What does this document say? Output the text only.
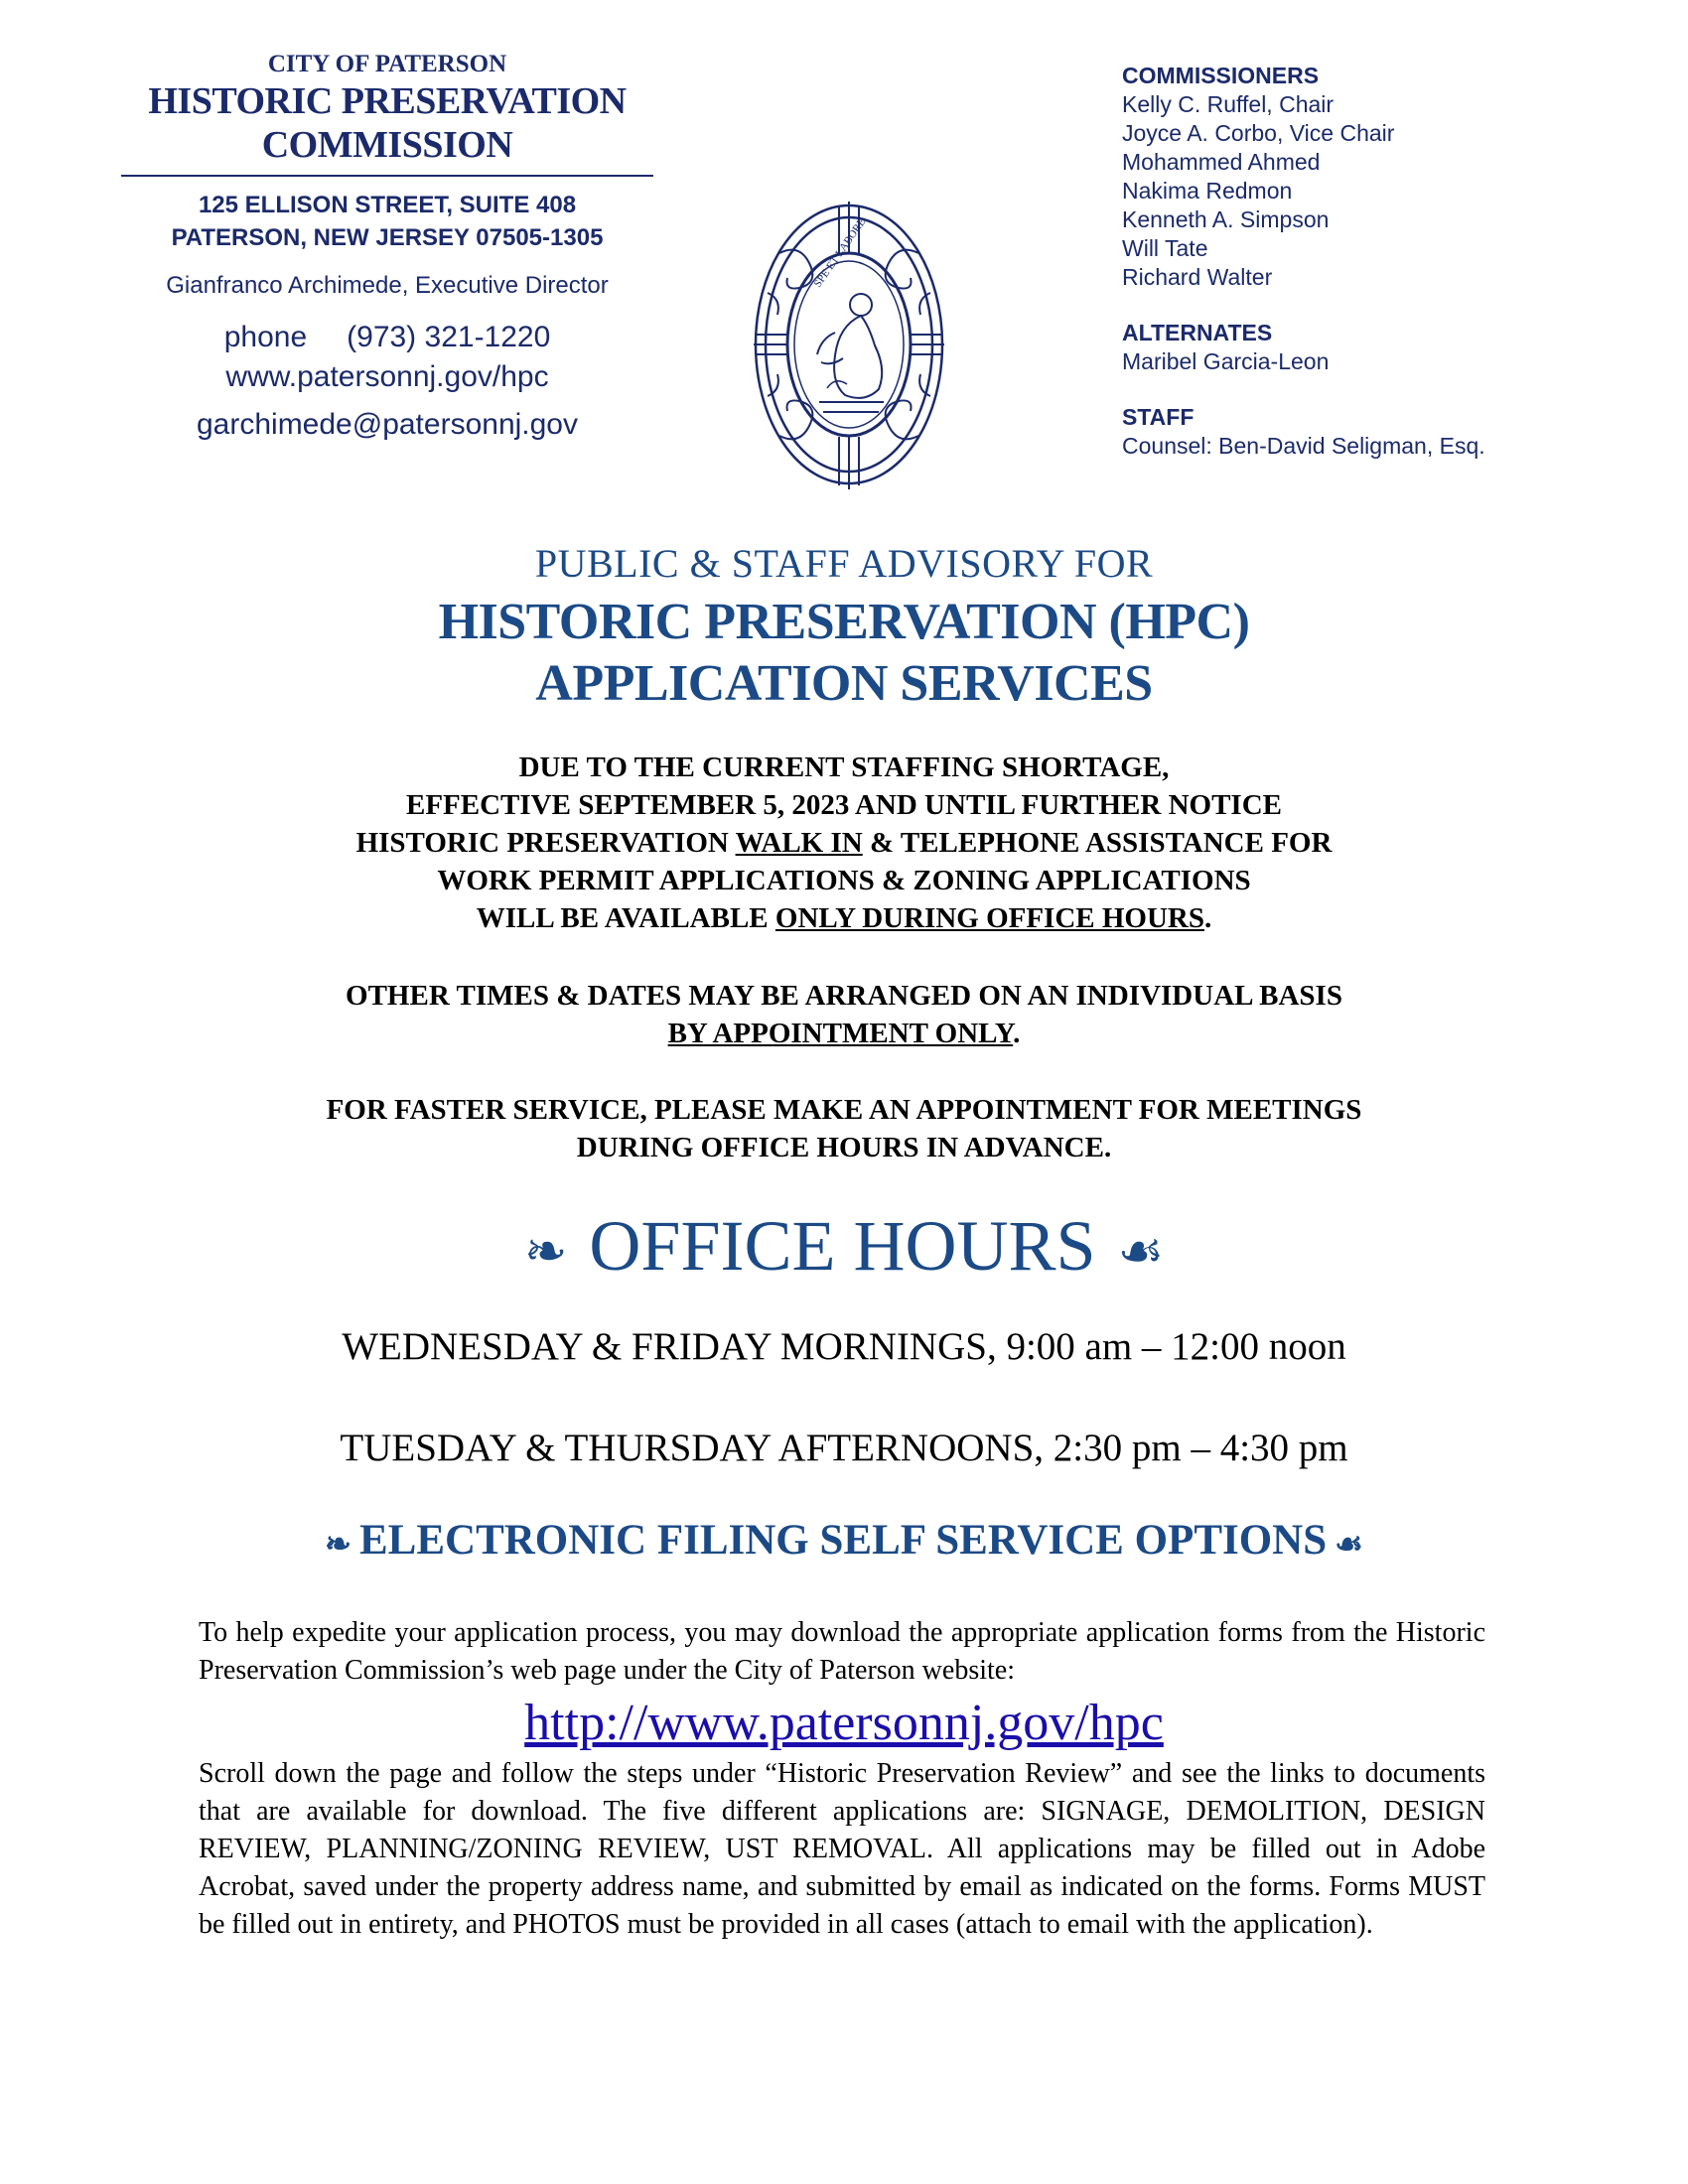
CITY OF PATERSON
HISTORIC PRESERVATION
COMMISSION
125 ELLISON STREET, SUITE 408
PATERSON, NEW JERSEY 07505-1305
Gianfranco Archimede, Executive Director
phone (973) 321-1220
www.patersonnj.gov/hpc
garchimede@patersonnj.gov
SPE ET LABORE
COMMISSIONERS
Kelly C. Ruffel, Chair
Joyce A. Corbo, Vice Chair
Mohammed Ahmed
Nakima Redmon
Kenneth A. Simpson
Will Tate
Richard Walter
ALTERNATES
Maribel Garcia-Leon
STAFF
Counsel: Ben-David Seligman, Esq.
PUBLIC & STAFF ADVISORY FOR
HISTORIC PRESERVATION (HPC)
APPLICATION SERVICES
DUE TO THE CURRENT STAFFING SHORTAGE,
EFFECTIVE SEPTEMBER 5, 2023 AND UNTIL FURTHER NOTICE
HISTORIC PRESERVATION WALK IN & TELEPHONE ASSISTANCE FOR
WORK PERMIT APPLICATIONS & ZONING APPLICATIONS
WILL BE AVAILABLE ONLY DURING OFFICE HOURS.
OTHER TIMES & DATES MAY BE ARRANGED ON AN INDIVIDUAL BASIS
BY APPOINTMENT ONLY.
FOR FASTER SERVICE, PLEASE MAKE AN APPOINTMENT FOR MEETINGS
DURING OFFICE HOURS IN ADVANCE.
❧ OFFICE HOURS ☙
WEDNESDAY & FRIDAY MORNINGS, 9:00 am – 12:00 noon
TUESDAY & THURSDAY AFTERNOONS, 2:30 pm – 4:30 pm
❧ ELECTRONIC FILING SELF SERVICE OPTIONS ☙
To help expedite your application process, you may download the appropriate application forms from the Historic Preservation Commission’s web page under the City of Paterson website:
http://www.patersonnj.gov/hpc
Scroll down the page and follow the steps under “Historic Preservation Review” and see the links to documents that are available for download. The five different applications are: SIGNAGE, DEMOLITION, DESIGN REVIEW, PLANNING/ZONING REVIEW, UST REMOVAL. All applications may be filled out in Adobe Acrobat, saved under the property address name, and submitted by email as indicated on the forms. Forms MUST be filled out in entirety, and PHOTOS must be provided in all cases (attach to email with the application).
